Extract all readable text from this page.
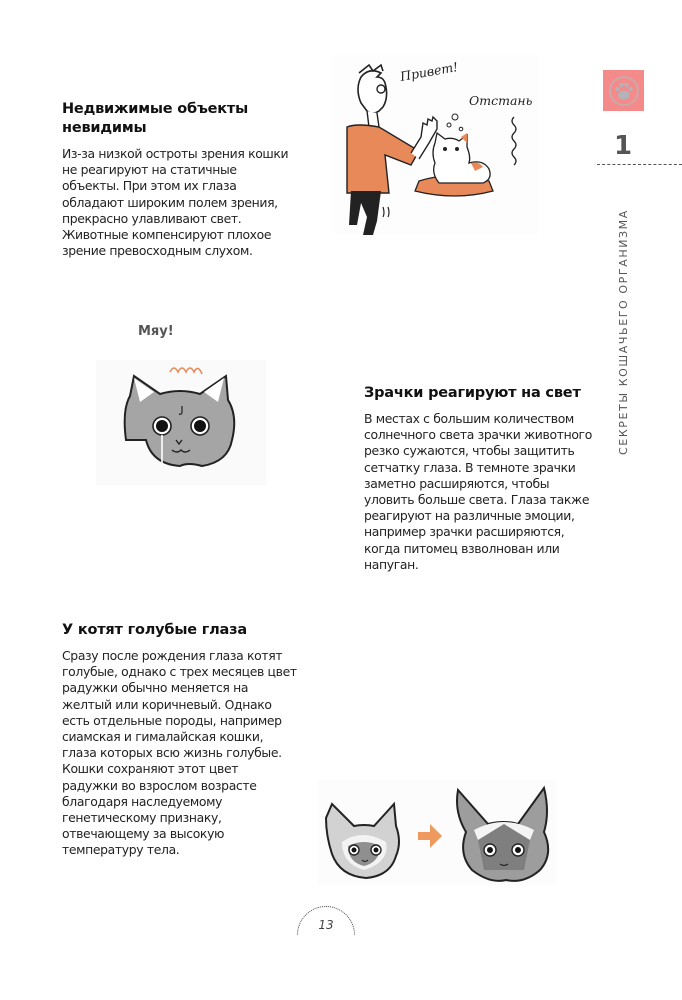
Недвижимые объекты невидимы

Из-за низкой остроты зрения кошки не реагируют на статичные объекты. При этом их глаза обладают широким полем зрения, прекрасно улавливают свет. Животные компенсируют плохое зрение превосходным слухом.

Зрачки реагируют на свет

В местах с большим количеством солнечного света зрачки животного резко сужаются, чтобы защитить сетчатку глаза. В темноте зрачки заметно расширяются, чтобы уловить больше света. Глаза также реагируют на различные эмоции, например зрачки расширяются, когда питомец взволнован или напуган.

У котят голубые глаза

Сразу после рождения глаза котят голубые, однако с трех месяцев цвет радужки обычно меняется на желтый или коричневый. Однако есть отдельные породы, например сиамская и гималайская кошки, глаза которых всю жизнь голубые. Кошки сохраняют этот цвет радужки во взрослом возрасте благодаря наследуемому генетическому признаку, отвечающему за высокую температуру тела.

Привет!
Отстань
Мяу!
1
СЕКРЕТЫ КОШАЧЬЕГО ОРГАНИЗМА
13
